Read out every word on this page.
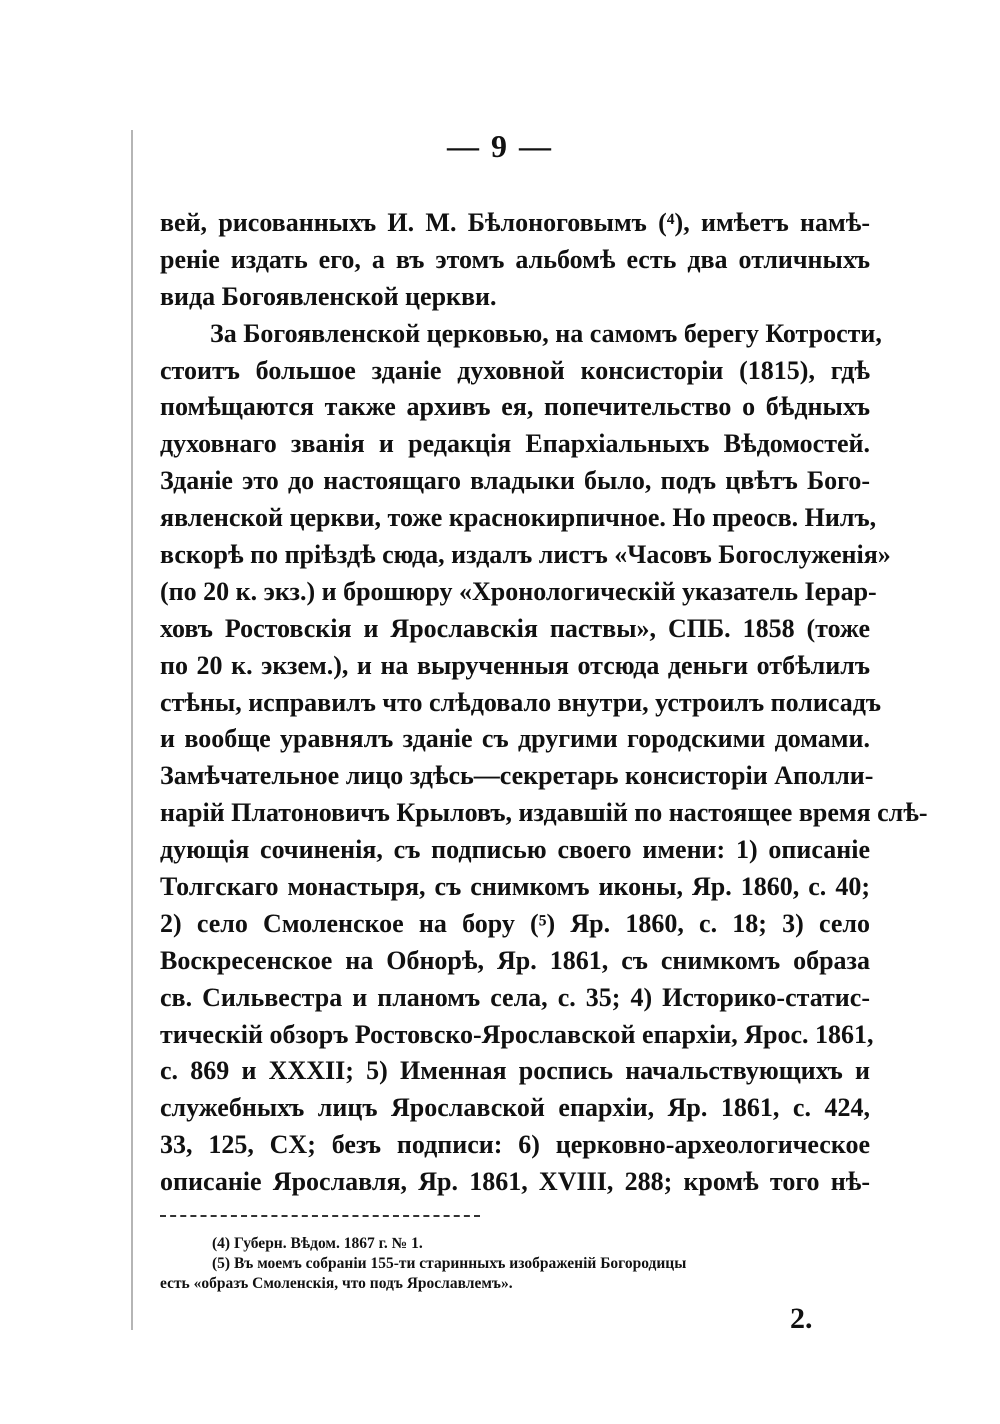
— 9 —
вей, рисованныхъ И. М. Бѣлоноговымъ (⁴), имѣетъ намѣ-
реніе издать его, а въ этомъ альбомѣ есть два отличныхъ
вида Богоявленской церкви.
За Богоявленской церковью, на самомъ берегу Котрости,
стоитъ большое зданіе духовной консисторіи (1815), гдѣ
помѣщаются также архивъ ея, попечительство о бѣдныхъ
духовнаго званія и редакція Епархіальныхъ Вѣдомостей.
Зданіе это до настоящаго владыки было, подъ цвѣтъ Бого-
явленской церкви, тоже краснокирпичное. Но преосв. Нилъ,
вскорѣ по пріѣздѣ сюда, издалъ листъ «Часовъ Богослуженія»
(по 20 к. экз.) и брошюру «Хронологическій указатель Іерар-
ховъ Ростовскія и Ярославскія паствы», СПБ. 1858 (тоже
по 20 к. экзем.), и на вырученныя отсюда деньги отбѣлилъ
стѣны, исправилъ что слѣдовало внутри, устроилъ полисадъ
и вообще уравнялъ зданіе съ другими городскими домами.
Замѣчательное лицо здѣсь—секретарь консисторіи Аполли-
нарій Платоновичъ Крыловъ, издавшій по настоящее время слѣ-
дующія сочиненія, съ подписью своего имени: 1) описаніе
Толгскаго монастыря, съ снимкомъ иконы, Яр. 1860, с. 40;
2) село Смоленское на бору (⁵) Яр. 1860, с. 18; 3) село
Воскресенское на Обнорѣ, Яр. 1861, съ снимкомъ образа
св. Сильвестра и планомъ села, с. 35; 4) Историко-статис-
тическій обзоръ Ростовско-Ярославской епархіи, Ярос. 1861,
с. 869 и XXXII; 5) Именная роспись начальствующихъ и
служебныхъ лицъ Ярославской епархіи, Яр. 1861, с. 424,
33, 125, CX; безъ подписи: 6) церковно-археологическое
описаніе Ярославля, Яр. 1861, XVIII, 288; кромѣ того нѣ-
(4) Губерн. Вѣдом. 1867 г. № 1.
(5) Въ моемъ собраніи 155-ти старинныхъ изображеній Богородицы
есть «образъ Смоленскія, что подъ Ярославлемъ».
2.
